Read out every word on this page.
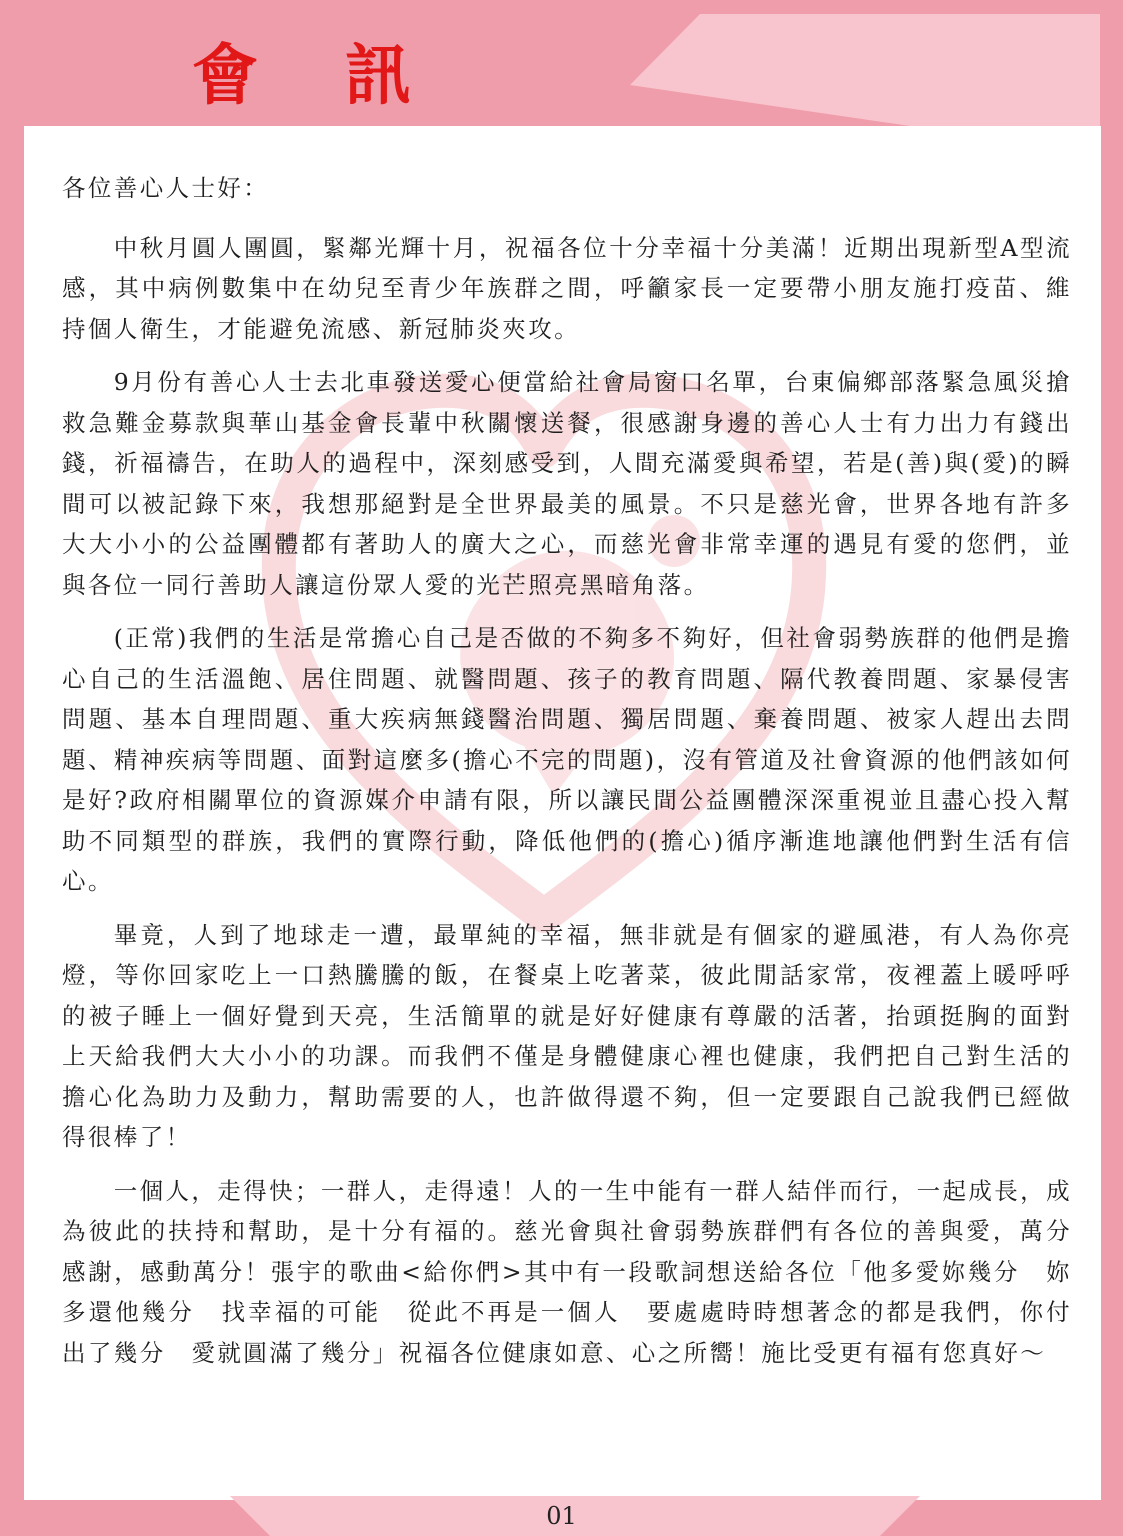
會 訊

各位善心人士好：

中秋月圓人團圓，緊鄰光輝十月，祝福各位十分幸福十分美滿！近期出現新型A型流感，其中病例數集中在幼兒至青少年族群之間，呼籲家長一定要帶小朋友施打疫苗、維持個人衛生，才能避免流感、新冠肺炎夾攻。

9月份有善心人士去北車發送愛心便當給社會局窗口名單，台東偏鄉部落緊急風災搶救急難金募款與華山基金會長輩中秋關懷送餐，很感謝身邊的善心人士有力出力有錢出錢，祈福禱告，在助人的過程中，深刻感受到，人間充滿愛與希望，若是(善)與(愛)的瞬間可以被記錄下來，我想那絕對是全世界最美的風景。不只是慈光會，世界各地有許多大大小小的公益團體都有著助人的廣大之心，而慈光會非常幸運的遇見有愛的您們，並與各位一同行善助人讓這份眾人愛的光芒照亮黑暗角落。

(正常)我們的生活是常擔心自己是否做的不夠多不夠好，但社會弱勢族群的他們是擔心自己的生活溫飽、居住問題、就醫問題、孩子的教育問題、隔代教養問題、家暴侵害問題、基本自理問題、重大疾病無錢醫治問題、獨居問題、棄養問題、被家人趕出去問題、精神疾病等問題、面對這麼多(擔心不完的問題)，沒有管道及社會資源的他們該如何是好?政府相關單位的資源媒介申請有限，所以讓民間公益團體深深重視並且盡心投入幫助不同類型的群族，我們的實際行動，降低他們的(擔心)循序漸進地讓他們對生活有信心。

畢竟，人到了地球走一遭，最單純的幸福，無非就是有個家的避風港，有人為你亮燈，等你回家吃上一口熱騰騰的飯，在餐桌上吃著菜，彼此閒話家常，夜裡蓋上暖呼呼的被子睡上一個好覺到天亮，生活簡單的就是好好健康有尊嚴的活著，抬頭挺胸的面對上天給我們大大小小的功課。而我們不僅是身體健康心裡也健康，我們把自己對生活的擔心化為助力及動力，幫助需要的人，也許做得還不夠，但一定要跟自己說我們已經做得很棒了！

一個人，走得快；一群人，走得遠！人的一生中能有一群人結伴而行，一起成長，成為彼此的扶持和幫助，是十分有福的。慈光會與社會弱勢族群們有各位的善與愛，萬分感謝，感動萬分！張宇的歌曲<給你們>其中有一段歌詞想送給各位「他多愛妳幾分　妳多還他幾分　找幸福的可能　從此不再是一個人　要處處時時想著念的都是我們，你付出了幾分　愛就圓滿了幾分」祝福各位健康如意、心之所嚮！施比受更有福有您真好～

01
